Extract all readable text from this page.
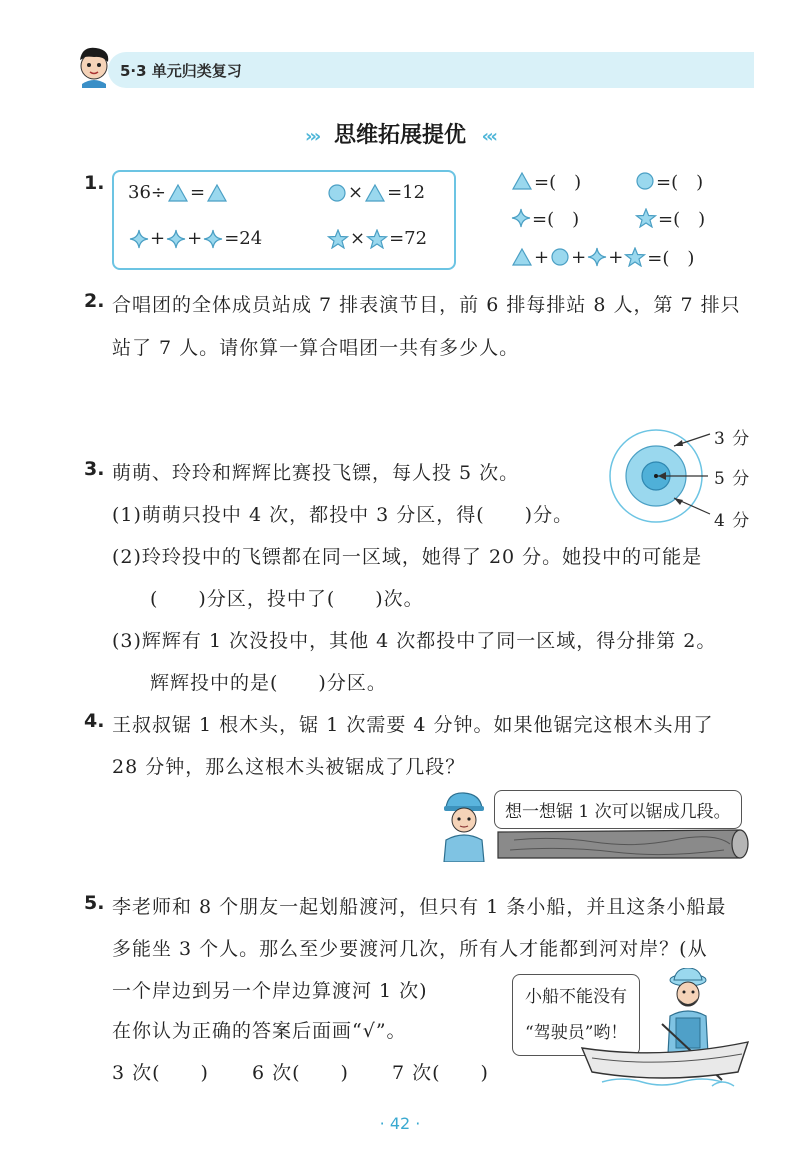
5·3 单元归类复习
››› 思维拓展提优 ‹‹‹
1. 36÷ =	× =12
+ + =24	× =72
=(　)	=(　)
=(　)	=(　)
+ + + =(　)
2. 合唱团的全体成员站成 7 排表演节目，前 6 排每排站 8 人，第 7 排只
站了 7 人。请你算一算合唱团一共有多少人。
3. 萌萌、玲玲和辉辉比赛投飞镖，每人投 5 次。
(1)萌萌只投中 4 次，都投中 3 分区，得(　　)分。
(2)玲玲投中的飞镖都在同一区域，她得了 20 分。她投中的可能是
(　　)分区，投中了(　　)次。
(3)辉辉有 1 次没投中，其他 4 次都投中了同一区域，得分排第 2。
辉辉投中的是(　　)分区。
3 分
5 分
4 分
4. 王叔叔锯 1 根木头，锯 1 次需要 4 分钟。如果他锯完这根木头用了
28 分钟，那么这根木头被锯成了几段？
想一想锯 1 次可以锯成几段。
5. 李老师和 8 个朋友一起划船渡河，但只有 1 条小船，并且这条小船最
多能坐 3 个人。那么至少要渡河几次，所有人才能都到河对岸？(从
一个岸边到另一个岸边算渡河 1 次)
在你认为正确的答案后面画“√”。
3 次(　　) 6 次(　　) 7 次(　　)
小船不能没有
“驾驶员”哟！
· 42 ·
